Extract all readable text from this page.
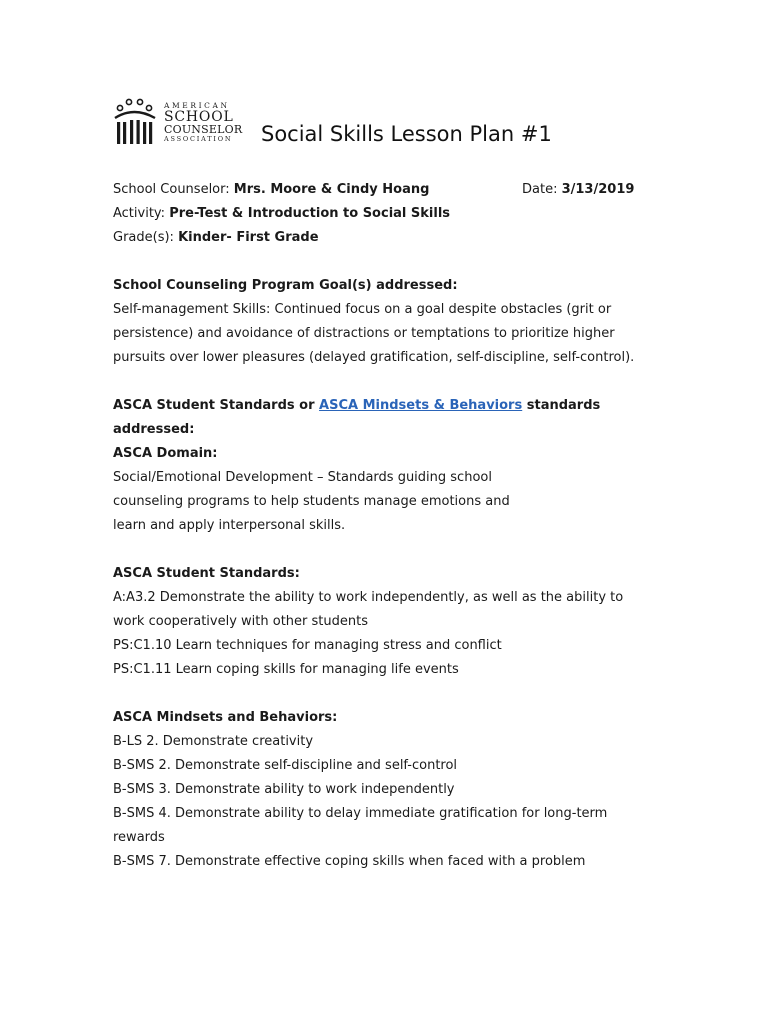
AMERICAN
SCHOOL
COUNSELOR
ASSOCIATION	Social Skills Lesson Plan #1
School Counselor: Mrs. Moore & Cindy Hoang	Date: 3/13/2019
Activity: Pre-Test & Introduction to Social Skills
Grade(s): Kinder- First Grade
School Counseling Program Goal(s) addressed:
Self-management Skills: Continued focus on a goal despite obstacles (grit or
persistence) and avoidance of distractions or temptations to prioritize higher
pursuits over lower pleasures (delayed gratification, self-discipline, self-control).
ASCA Student Standards or ASCA Mindsets & Behaviors standards
addressed:
ASCA Domain:
Social/Emotional Development – Standards guiding school
counseling programs to help students manage emotions and
learn and apply interpersonal skills.
ASCA Student Standards:
A:A3.2 Demonstrate the ability to work independently, as well as the ability to
work cooperatively with other students
PS:C1.10 Learn techniques for managing stress and conflict
PS:C1.11 Learn coping skills for managing life events
ASCA Mindsets and Behaviors:
B-LS 2. Demonstrate creativity
B-SMS 2. Demonstrate self-discipline and self-control
B-SMS 3. Demonstrate ability to work independently
B-SMS 4. Demonstrate ability to delay immediate gratification for long-term
rewards
B-SMS 7. Demonstrate effective coping skills when faced with a problem
